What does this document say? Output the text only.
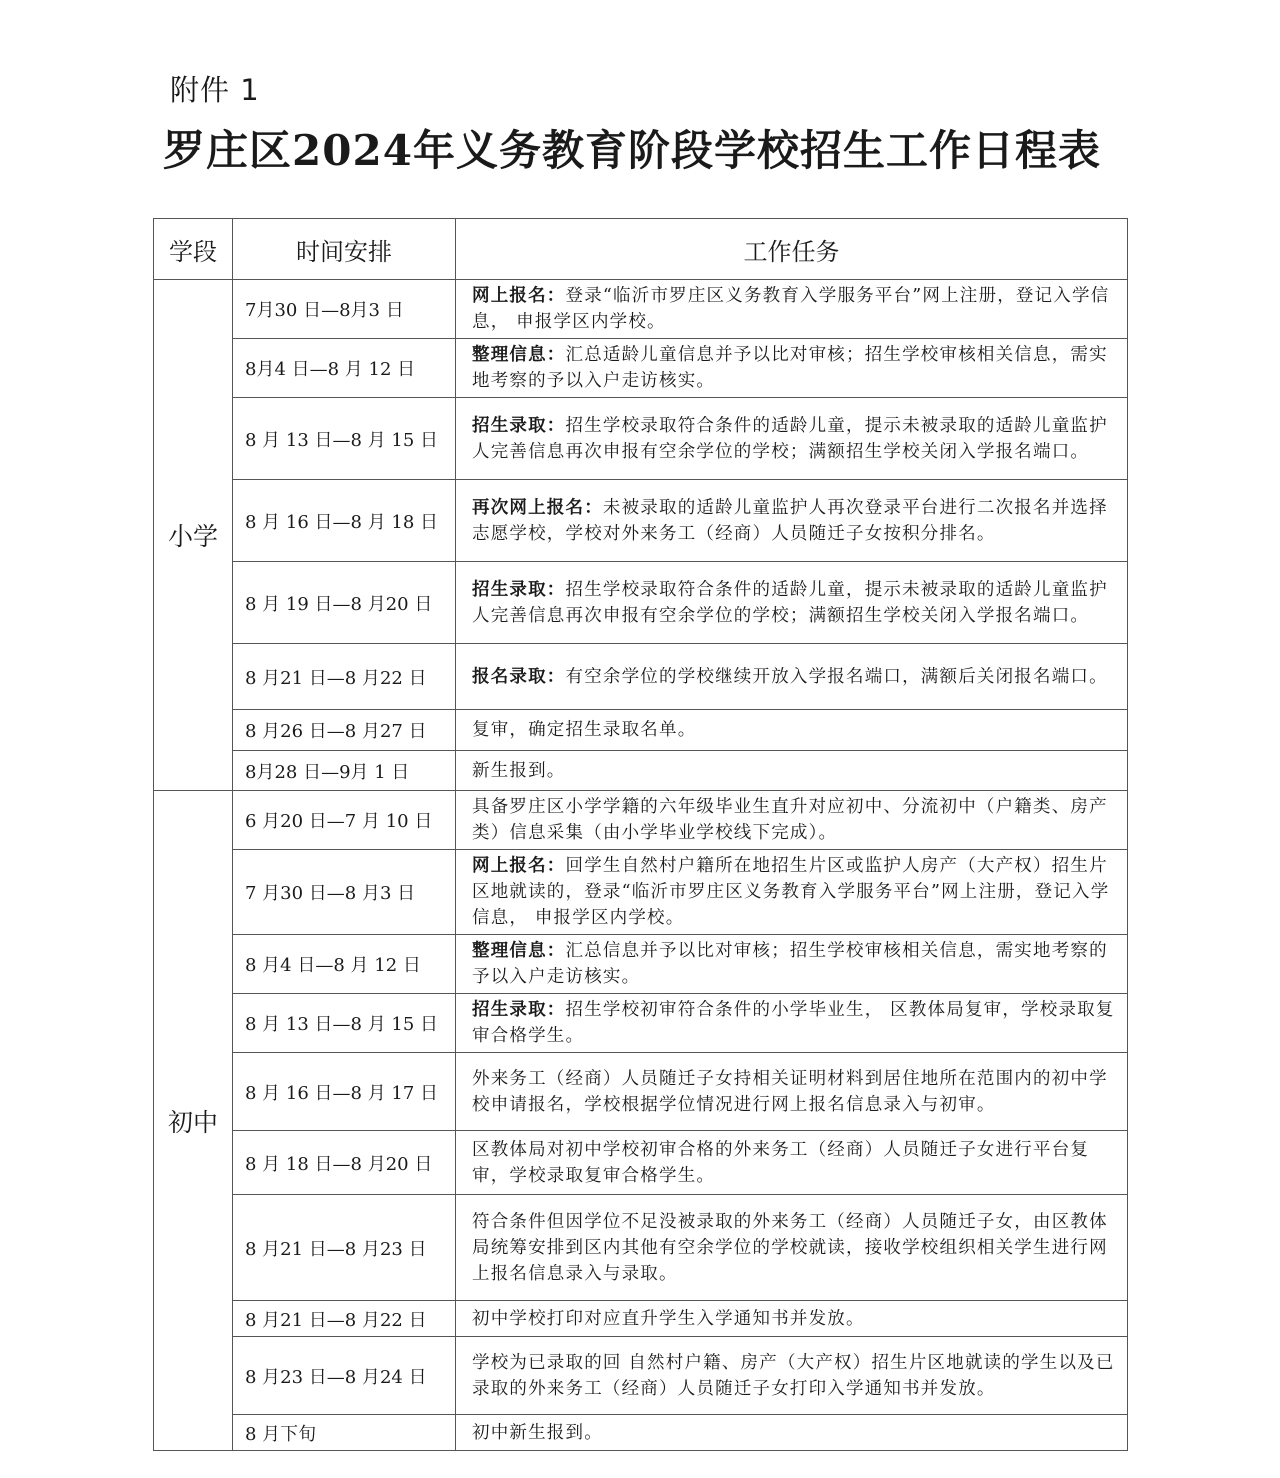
附件 1
罗庄区2024年义务教育阶段学校招生工作日程表
学段	时间安排	工作任务
小学	7月30 日—8月3 日	网上报名：登录“临沂市罗庄区义务教育入学服务平台”网上注册，登记入学信息， 申报学区内学校。
	8月4 日—8 月 12 日	整理信息：汇总适龄儿童信息并予以比对审核；招生学校审核相关信息，需实地考察的予以入户走访核实。
	8 月 13 日—8 月 15 日	招生录取：招生学校录取符合条件的适龄儿童，提示未被录取的适龄儿童监护人完善信息再次申报有空余学位的学校；满额招生学校关闭入学报名端口。
	8 月 16 日—8 月 18 日	再次网上报名：未被录取的适龄儿童监护人再次登录平台进行二次报名并选择志愿学校，学校对外来务工（经商）人员随迁子女按积分排名。
	8 月 19 日—8 月20 日	招生录取：招生学校录取符合条件的适龄儿童，提示未被录取的适龄儿童监护人完善信息再次申报有空余学位的学校；满额招生学校关闭入学报名端口。
	8 月21 日—8 月22 日	报名录取：有空余学位的学校继续开放入学报名端口，满额后关闭报名端口。
	8 月26 日—8 月27 日	复审，确定招生录取名单。
	8月28 日—9月 1 日	新生报到。
初中	6 月20 日—7 月 10 日	具备罗庄区小学学籍的六年级毕业生直升对应初中、分流初中（户籍类、房产类）信息采集（由小学毕业学校线下完成）。
	7 月30 日—8 月3 日	网上报名：回学生自然村户籍所在地招生片区或监护人房产（大产权）招生片区地就读的，登录“临沂市罗庄区义务教育入学服务平台”网上注册，登记入学信息， 申报学区内学校。
	8 月4 日—8 月 12 日	整理信息：汇总信息并予以比对审核；招生学校审核相关信息，需实地考察的予以入户走访核实。
	8 月 13 日—8 月 15 日	招生录取：招生学校初审符合条件的小学毕业生， 区教体局复审，学校录取复审合格学生。
	8 月 16 日—8 月 17 日	外来务工（经商）人员随迁子女持相关证明材料到居住地所在范围内的初中学校申请报名，学校根据学位情况进行网上报名信息录入与初审。
	8 月 18 日—8 月20 日	区教体局对初中学校初审合格的外来务工（经商）人员随迁子女进行平台复审，学校录取复审合格学生。
	8 月21 日—8 月23 日	符合条件但因学位不足没被录取的外来务工（经商）人员随迁子女，由区教体局统筹安排到区内其他有空余学位的学校就读，接收学校组织相关学生进行网上报名信息录入与录取。
	8 月21 日—8 月22 日	初中学校打印对应直升学生入学通知书并发放。
	8 月23 日—8 月24 日	学校为已录取的回 自然村户籍、房产（大产权）招生片区地就读的学生以及已录取的外来务工（经商）人员随迁子女打印入学通知书并发放。
	8 月下旬	初中新生报到。
